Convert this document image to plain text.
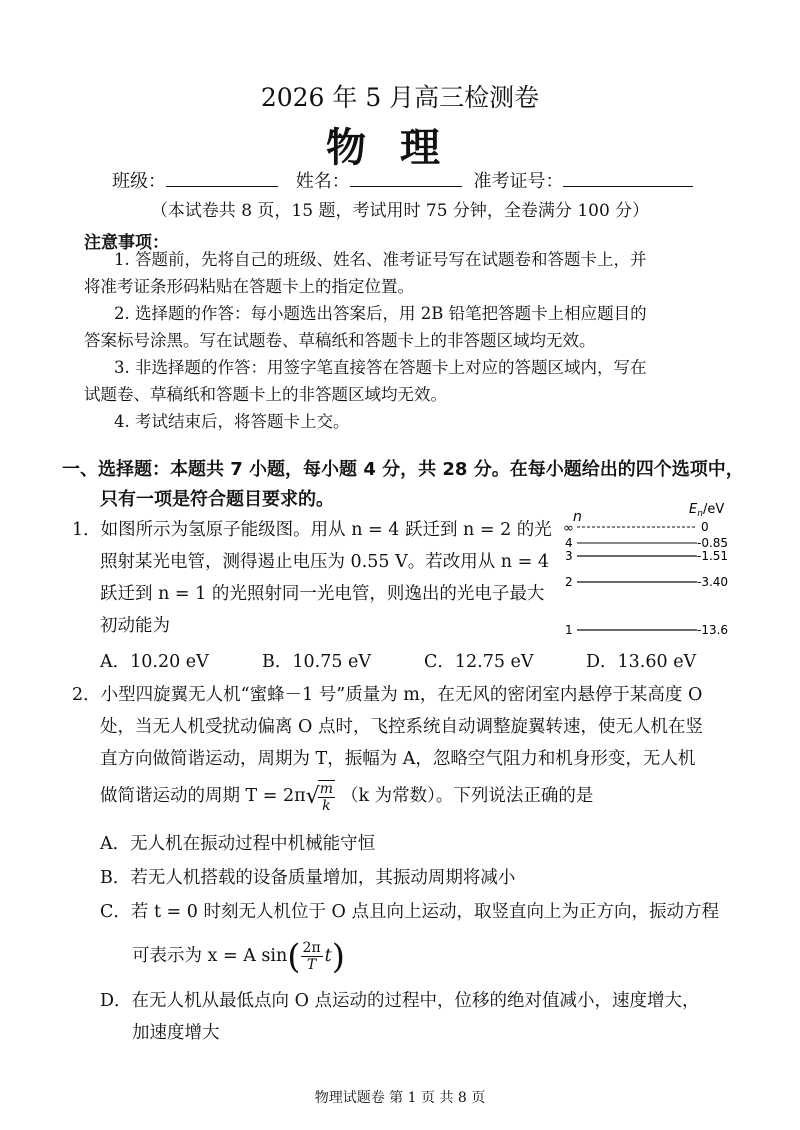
2026 年 5 月高三检测卷
物理
班级：	姓名：	准考证号：
（本试卷共 8 页，15 题，考试用时 75 分钟，全卷满分 100 分）
注意事项：
1. 答题前，先将自己的班级、姓名、准考证号写在试题卷和答题卡上，并
将准考证条形码粘贴在答题卡上的指定位置。
2. 选择题的作答：每小题选出答案后，用 2B 铅笔把答题卡上相应题目的
答案标号涂黑。写在试题卷、草稿纸和答题卡上的非答题区域均无效。
3. 非选择题的作答：用签字笔直接答在答题卡上对应的答题区域内，写在
试题卷、草稿纸和答题卡上的非答题区域均无效。
4. 考试结束后，将答题卡上交。
一、选择题：本题共 7 小题，每小题 4 分，共 28 分。在每小题给出的四个选项中，
只有一项是符合题目要求的。
1．如图所示为氢原子能级图。用从 n = 4 跃迁到 n = 2 的光
照射某光电管，测得遏止电压为 0.55 V。若改用从 n = 4
跃迁到 n = 1 的光照射同一光电管，则逸出的光电子最大
初动能为
n	$E_n/eV$
∞	0
4	-0.85
3	-1.51
2	-3.40
1	-13.6
A．10.20 eV	B．10.75 eV	C．12.75 eV	D．13.60 eV
2．小型四旋翼无人机“蜜蜂－1 号”质量为 m，在无风的密闭室内悬停于某高度 O
处，当无人机受扰动偏离 O 点时，飞控系统自动调整旋翼转速，使无人机在竖
直方向做简谐运动，周期为 T，振幅为 A，忽略空气阻力和机身形变，无人机
做简谐运动的周期 T = 2π√
$\frac{m}{k} (k$ 为常数）。下列说法正确的是
A．无人机在振动过程中机械能守恒
B．若无人机搭载的设备质量增加，其振动周期将减小
C．若 t = 0 时刻无人机位于 O 点且向上运动，取竖直向上为正方向，振动方程
可表示为 x = A $\sin( \frac{2\pi}{T} t)$
D．在无人机从最低点向 O 点运动的过程中，位移的绝对值减小，速度增大，
加速度增大
物理试题卷 第 1 页 共 8 页
